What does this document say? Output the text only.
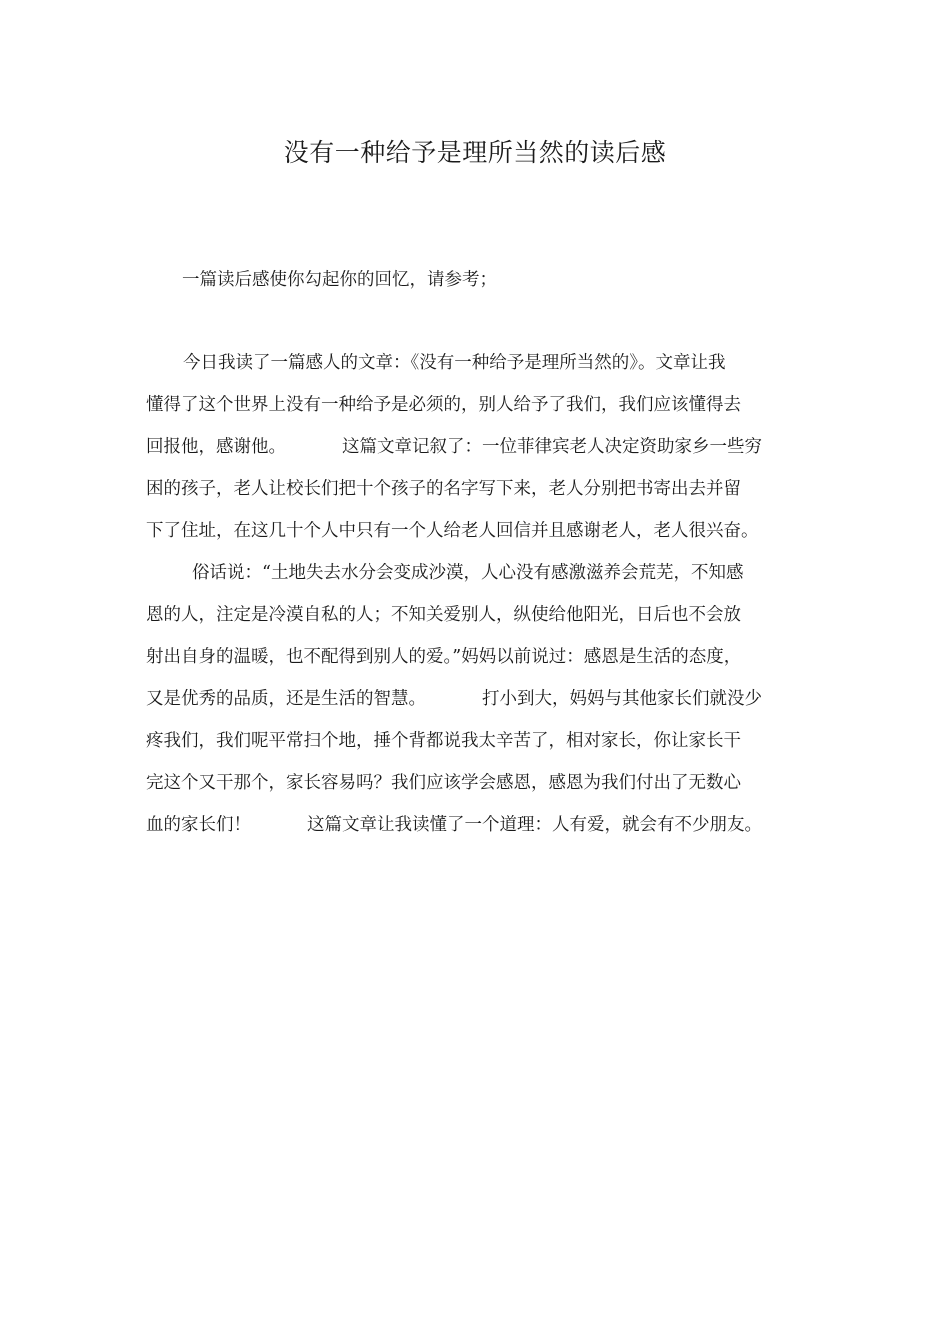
没有一种给予是理所当然的读后感
一篇读后感使你勾起你的回忆，请参考；
今日我读了一篇感人的文章：《没有一种给予是理所当然的》。文章让我
懂得了这个世界上没有一种给予是必须的，别人给予了我们，我们应该懂得去
回报他，感谢他。	这篇文章记叙了：一位菲律宾老人决定资助家乡一些穷
困的孩子，老人让校长们把十个孩子的名字写下来，老人分别把书寄出去并留
下了住址，在这几十个人中只有一个人给老人回信并且感谢老人，老人很兴奋。
俗话说：“土地失去水分会变成沙漠，人心没有感激滋养会荒芜，不知感
恩的人，注定是冷漠自私的人；不知关爱别人，纵使给他阳光，日后也不会放
射出自身的温暖，也不配得到别人的爱。”妈妈以前说过：感恩是生活的态度，
又是优秀的品质，还是生活的智慧。	打小到大，妈妈与其他家长们就没少
疼我们，我们呢平常扫个地，捶个背都说我太辛苦了，相对家长，你让家长干
完这个又干那个，家长容易吗？我们应该学会感恩，感恩为我们付出了无数心
血的家长们！	这篇文章让我读懂了一个道理：人有爱，就会有不少朋友。
